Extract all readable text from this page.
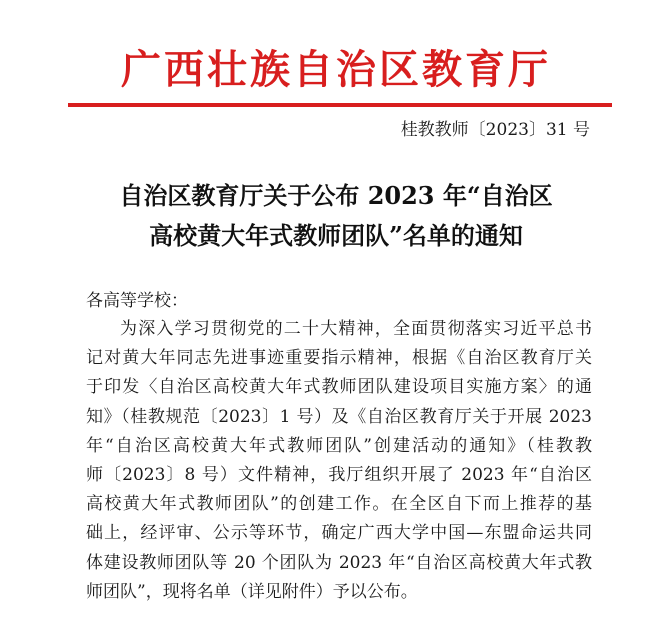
广西壮族自治区教育厅
桂教教师〔2023〕31 号
自治区教育厅关于公布 2023 年“自治区
高校黄大年式教师团队”名单的通知
各高等学校：
为深入学习贯彻党的二十大精神，全面贯彻落实习近平总书
记对黄大年同志先进事迹重要指示精神，根据《自治区教育厅关
于印发〈自治区高校黄大年式教师团队建设项目实施方案〉的通
知》（桂教规范〔2023〕1 号）及《自治区教育厅关于开展 2023
年“自治区高校黄大年式教师团队”创建活动的通知》（桂教教
师〔2023〕8 号）文件精神，我厅组织开展了 2023 年“自治区
高校黄大年式教师团队”的创建工作。在全区自下而上推荐的基
础上，经评审、公示等环节，确定广西大学中国—东盟命运共同
体建设教师团队等 20 个团队为 2023 年“自治区高校黄大年式教
师团队”，现将名单（详见附件）予以公布。
